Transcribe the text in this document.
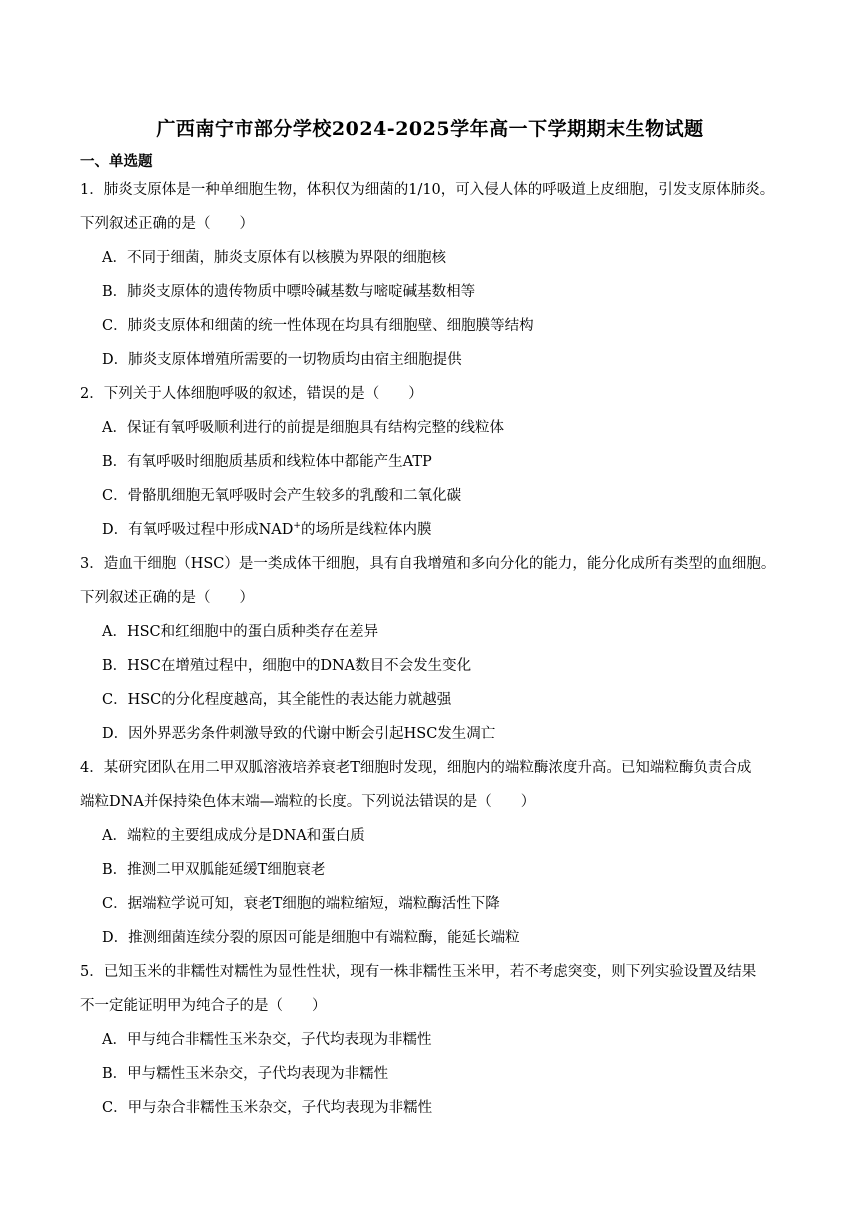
广西南宁市部分学校2024-2025学年高一下学期期末生物试题
一、单选题
1．肺炎支原体是一种单细胞生物，体积仅为细菌的1/10，可入侵人体的呼吸道上皮细胞，引发支原体肺炎。
下列叙述正确的是（　　）
A．不同于细菌，肺炎支原体有以核膜为界限的细胞核
B．肺炎支原体的遗传物质中嘌呤碱基数与嘧啶碱基数相等
C．肺炎支原体和细菌的统一性体现在均具有细胞壁、细胞膜等结构
D．肺炎支原体增殖所需要的一切物质均由宿主细胞提供
2．下列关于人体细胞呼吸的叙述，错误的是（　　）
A．保证有氧呼吸顺利进行的前提是细胞具有结构完整的线粒体
B．有氧呼吸时细胞质基质和线粒体中都能产生ATP
C．骨骼肌细胞无氧呼吸时会产生较多的乳酸和二氧化碳
D．有氧呼吸过程中形成NAD+的场所是线粒体内膜
3．造血干细胞（HSC）是一类成体干细胞，具有自我增殖和多向分化的能力，能分化成所有类型的血细胞。
下列叙述正确的是（　　）
A．HSC和红细胞中的蛋白质种类存在差异
B．HSC在增殖过程中，细胞中的DNA数目不会发生变化
C．HSC的分化程度越高，其全能性的表达能力就越强
D．因外界恶劣条件刺激导致的代谢中断会引起HSC发生凋亡
4．某研究团队在用二甲双胍溶液培养衰老T细胞时发现，细胞内的端粒酶浓度升高。已知端粒酶负责合成
端粒DNA并保持染色体末端—端粒的长度。下列说法错误的是（　　）
A．端粒的主要组成成分是DNA和蛋白质
B．推测二甲双胍能延缓T细胞衰老
C．据端粒学说可知，衰老T细胞的端粒缩短，端粒酶活性下降
D．推测细菌连续分裂的原因可能是细胞中有端粒酶，能延长端粒
5．已知玉米的非糯性对糯性为显性性状，现有一株非糯性玉米甲，若不考虑突变，则下列实验设置及结果
不一定能证明甲为纯合子的是（　　）
A．甲与纯合非糯性玉米杂交，子代均表现为非糯性
B．甲与糯性玉米杂交，子代均表现为非糯性
C．甲与杂合非糯性玉米杂交，子代均表现为非糯性
